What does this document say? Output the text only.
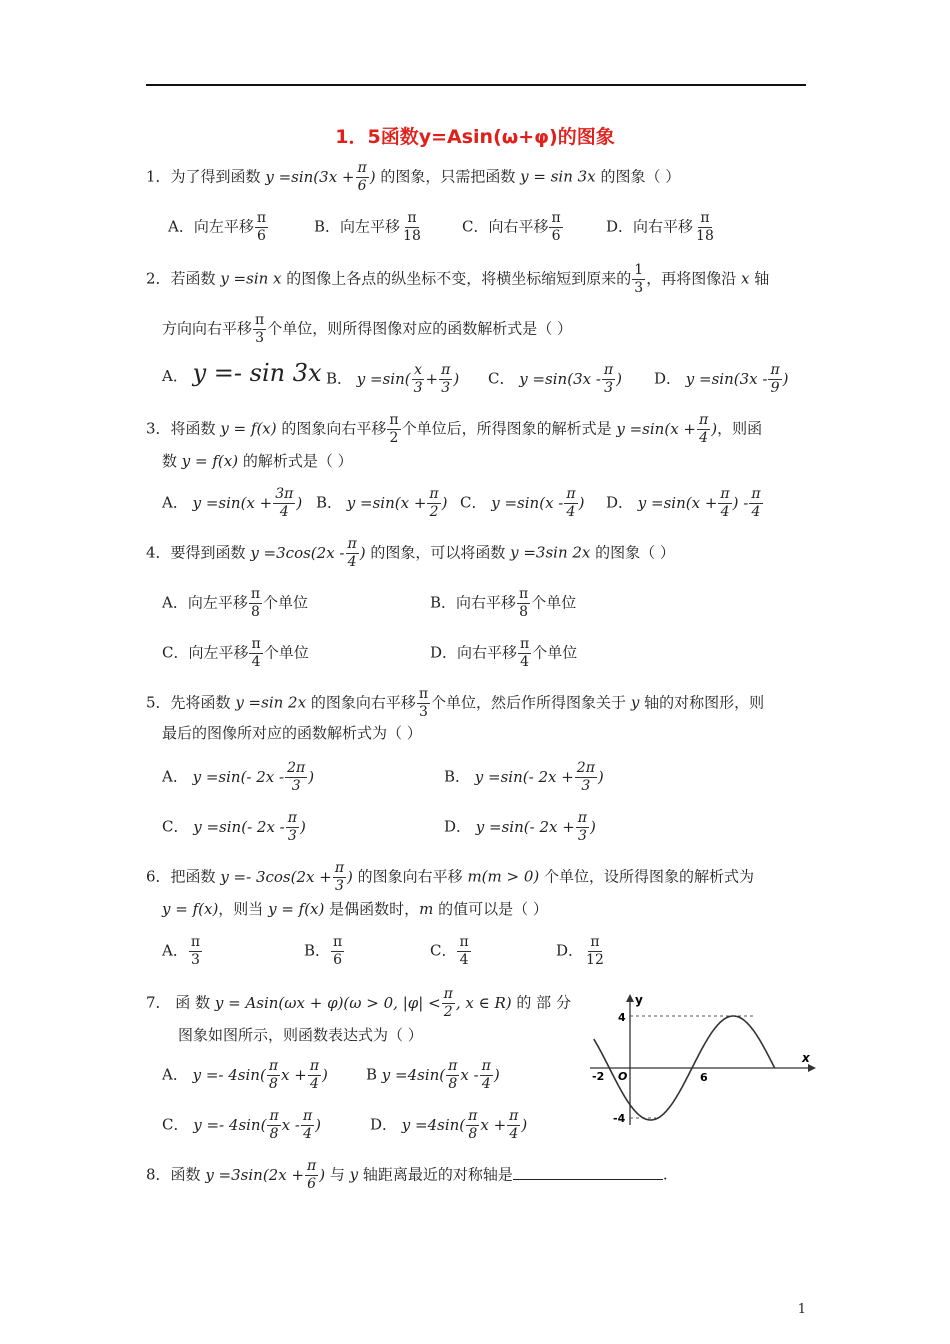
1．5函数y=Asin(ω+φ)的图象
1．为了得到函数 $y =\sin(3x + \frac{\pi}{6}$ ) 的图象，只需把函数 y = sin 3x 的图象（ ）
A．向左平移 $\frac{\pi}{6}$	B．向左平移 $\frac{\pi}{18}$	C．向右平移 $\frac{\pi}{6}$	D．向右平移 $\frac{\pi}{18}$
2．若函数 y =sin x 的图像上各点的纵坐标不变，将横坐标缩短到原来的 $\frac{1}{3}$ ，再将图像沿 x 轴
方向向右平移 $\frac{\pi}{3}$ 个单位，则所得图像对应的函数解析式是（ ）
A． y =- sin 3x B． $y =\sin( \frac{x}{3} + \frac{\pi}{3}$ ) C． $y =\sin(3x - \frac{\pi}{3}$ ) D． $y =\sin(3x - \frac{\pi}{9}$ )
3．将函数 y = f(x) 的图象向右平移 $\frac{\pi}{2}$ 个单位后，所得图象的解析式是 $y =\sin(x + \frac{\pi}{4}$ )，则函
数 y = f(x) 的解析式是（ ）
A． $y =\sin(x + \frac{3\pi}{4}$ ) B． $y =\sin(x + \frac{\pi}{2}$ ) C． $y =\sin(x - \frac{\pi}{4}$ ) D． $y =\sin(x + \frac{\pi}{4}$ ) - $\frac{\pi}{4}$
4．要得到函数 $y =3\cos(2x - \frac{\pi}{4}$ ) 的图象，可以将函数 y =3sin 2x 的图象（ ）
A．向左平移 $\frac{\pi}{8}$ 个单位	B．向右平移 $\frac{\pi}{8}$ 个单位
C．向左平移 $\frac{\pi}{4}$ 个单位	D．向右平移 $\frac{\pi}{4}$ 个单位
5．先将函数 y =sin 2x 的图象向右平移 $\frac{\pi}{3}$ 个单位，然后作所得图象关于 y 轴的对称图形，则
最后的图像所对应的函数解析式为（ ）
A． y =sin(- $2x - \frac{2\pi}{3}$ )	B． y =sin(- $2x + \frac{2\pi}{3}$ )
C． y =sin(- $2x - \frac{\pi}{3}$ )	D． y =sin(- $2x + \frac{\pi}{3}$ )
6．把函数 $y =- 3\cos(2x + \frac{\pi}{3}$ ) 的图象向右平移 m(m > 0) 个单位，设所得图象的解析式为
y = f(x)，则当 y = f(x) 是偶函数时，m 的值可以是（ ）
A． $\frac{\pi}{3}$	B． $\frac{\pi}{6}$	C． $\frac{\pi}{4}$	D． $\frac{\pi}{12}$
7． 函 数 y = Asin(ωx + φ)(ω > 0, $|\varphi| < \frac{\pi}{2}$ , x ∈ R) 的 部 分
图象如图所示，则函数表达式为（ ）
A． $y =- 4\sin( \frac{\pi}{8}$ $x + \frac{\pi}{4}$ )	B $y =4\sin( \frac{\pi}{8}$ x - $\frac{\pi}{4}$ )
C． $y =- 4\sin( \frac{\pi}{8}$ x - $\frac{\pi}{4}$ )	D． $y =4\sin( \frac{\pi}{8}$ $x + \frac{\pi}{4}$ )
y
x
4
-4
-2 O	6
8．函数 $y =3\sin(2x + \frac{\pi}{6}$ ) 与 y 轴距离最近的对称轴是	.
1
